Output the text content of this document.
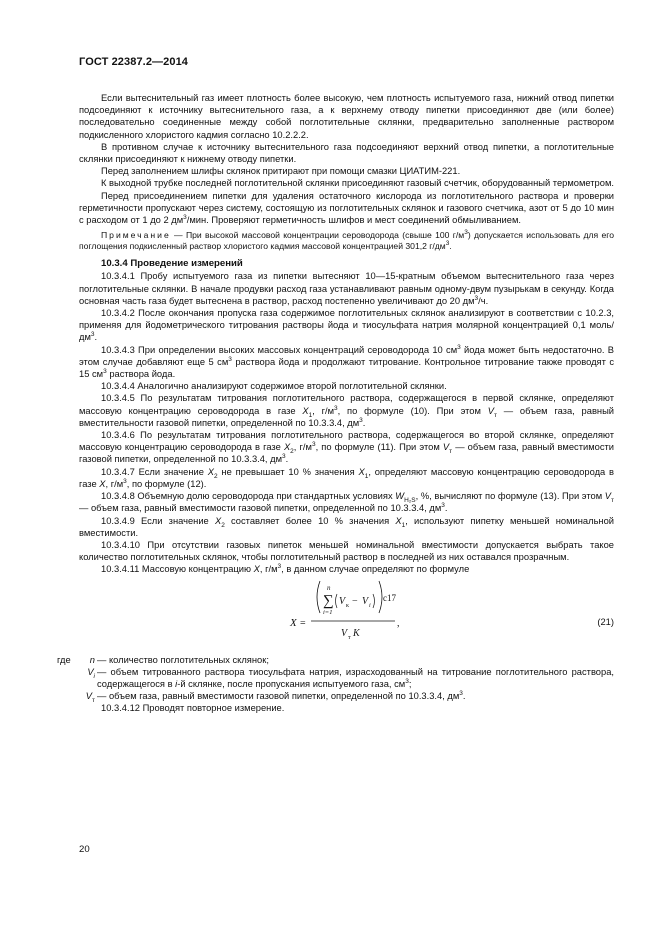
ГОСТ 22387.2—2014

Если вытеснительный газ имеет плотность более высокую, чем плотность испытуемого газа, нижний отвод пипетки подсоединяют к источнику вытеснительного газа, а к верхнему отводу пипетки присоединяют две (или более) последовательно соединенные между собой поглотительные склянки, предварительно заполненные раствором подкисленного хлористого кадмия согласно 10.2.2.2.

В противном случае к источнику вытеснительного газа подсоединяют верхний отвод пипетки, а поглотительные склянки присоединяют к нижнему отводу пипетки.

Перед заполнением шлифы склянок притирают при помощи смазки ЦИАТИМ-221.

К выходной трубке последней поглотительной склянки присоединяют газовый счетчик, оборудованный термометром.

Перед присоединением пипетки для удаления остаточного кислорода из поглотительного раствора и проверки герметичности пропускают через систему, состоящую из поглотительных склянок и газового счетчика, азот от 5 до 10 мин с расходом от 1 до 2 $дм^3$/мин. Проверяют герметичность шлифов и мест соединений обмыливанием.

Примечание — При высокой массовой концентрации сероводорода (свыше 100 $г/м^3$) допускается использовать для его поглощения подкисленный раствор хлористого кадмия массовой концентрацией 301,2 $г/дм^3$.

10.3.4 Проведение измерений

10.3.4.1 Пробу испытуемого газа из пипетки вытесняют 10—15-кратным объемом вытеснительного газа через поглотительные склянки. В начале продувки расход газа устанавливают равным одному-двум пузырькам в секунду. Когда основная часть газа будет вытеснена в раствор, расход постепенно увеличивают до 20 $дм^3/ч$.

10.3.4.2 После окончания пропуска газа содержимое поглотительных склянок анализируют в соответствии с 10.2.3, применяя для йодометрического титрования растворы йода и тиосульфата натрия молярной концентрацией 0,1 моль/$дм^3$.

10.3.4.3 При определении высоких массовых концентраций сероводорода 10 $см^3$ йода может быть недостаточно. В этом случае добавляют еще 5 $см^3$ раствора йода и продолжают титрование. Контрольное титрование также проводят с 15 $см^3$ раствора йода.

10.3.4.4 Аналогично анализируют содержимое второй поглотительной склянки.

10.3.4.5 По результатам титрования поглотительного раствора, содержащегося в первой склянке, определяют массовую концентрацию сероводорода в газе $X_1$, $г/м^3$, по формуле (10). При этом $V_т$ — объем газа, равный вместительности газовой пипетки, определенной по 10.3.3.4, $дм^3$.

10.3.4.6 По результатам титрования поглотительного раствора, содержащегося во второй склянке, определяют массовую концентрацию сероводорода в газе $X_2$, $г/м^3$, по формуле (11). При этом $V_т$ — объем газа, равный вместимости газовой пипетки, определенной по 10.3.3.4, $дм^3$.

10.3.4.7 Если значение $X_2$ не превышает 10 % значения $X_1$, определяют массовую концентрацию сероводорода в газе X, $г/м^3$, по формуле (12).

10.3.4.8 Объемную долю сероводорода при стандартных условиях $W_{H_2S}$, %, вычисляют по формуле (13). При этом $V_т$ — объем газа, равный вместимости газовой пипетки, определенной по 10.3.3.4, $дм^3$.

10.3.4.9 Если значение $X_2$ составляет более 10 % значения $X_1$, используют пипетку меньшей номинальной вместимости.

10.3.4.10 При отсутствии газовых пипеток меньшей номинальной вместимости допускается выбрать такое количество поглотительных склянок, чтобы поглотительный раствор в последней из них оставался прозрачным.

10.3.4.11 Массовую концентрацию X, $г/м^3$, в данном случае определяют по формуле

X =
n
∑
i=1
V к − V i
c17
V т K
,	(21)
где	n — количество поглотительных склянок;
$V_i$ — объем титрованного раствора тиосульфата натрия, израсходованный на титрование поглотительного раствора, содержащегося в i-й склянке, после пропускания испытуемого газа, $см^3$;
$V_т$ — объем газа, равный вместимости газовой пипетки, определенной по 10.3.3.4, $дм^3$.

10.3.4.12 Проводят повторное измерение.

20
